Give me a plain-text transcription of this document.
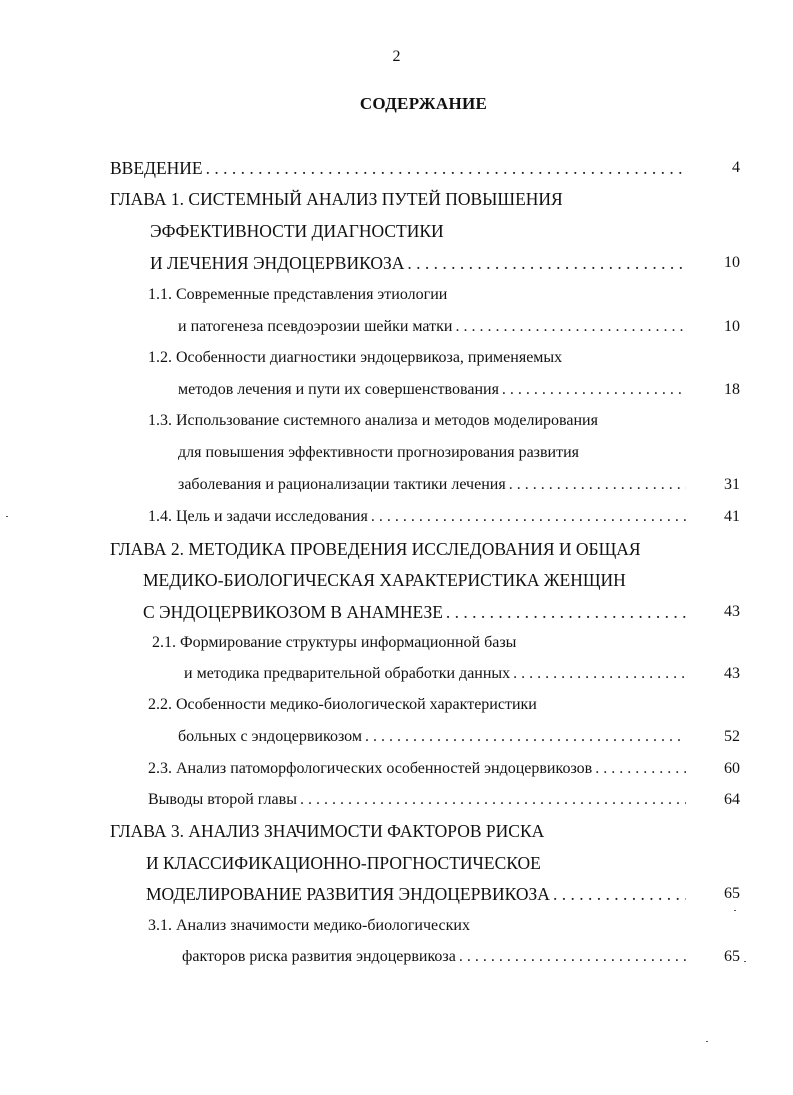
2
СОДЕРЖАНИЕ
ВВЕДЕНИЕ . . .	4
ГЛАВА 1. СИСТЕМНЫЙ АНАЛИЗ ПУТЕЙ ПОВЫШЕНИЯ
ЭФФЕКТИВНОСТИ ДИАГНОСТИКИ
И ЛЕЧЕНИЯ ЭНДОЦЕРВИКОЗА . . .	10
1.1. Современные представления этиологии
и патогенеза псевдоэрозии шейки матки . . .	10
1.2. Особенности диагностики эндоцервикоза, применяемых
методов лечения и пути их совершенствования . . .	18
1.3. Использование системного анализа и методов моделирования
для повышения эффективности прогнозирования развития
заболевания и рационализации тактики лечения . . .	31
1.4. Цель и задачи исследования . . .	41
ГЛАВА 2. МЕТОДИКА ПРОВЕДЕНИЯ ИССЛЕДОВАНИЯ И ОБЩАЯ
МЕДИКО-БИОЛОГИЧЕСКАЯ ХАРАКТЕРИСТИКА ЖЕНЩИН
С ЭНДОЦЕРВИКОЗОМ В АНАМНЕЗЕ . . .	43
2.1. Формирование структуры информационной базы
и методика предварительной обработки данных . . .	43
2.2. Особенности медико-биологической характеристики
больных с эндоцервикозом . . .	52
2.3. Анализ патоморфологических особенностей эндоцервикозов . . .	60
Выводы второй главы . . .	64
ГЛАВА 3. АНАЛИЗ ЗНАЧИМОСТИ ФАКТОРОВ РИСКА
И КЛАССИФИКАЦИОННО-ПРОГНОСТИЧЕСКОЕ
МОДЕЛИРОВАНИЕ РАЗВИТИЯ ЭНДОЦЕРВИКОЗА . . .	65
3.1. Анализ значимости медико-биологических
факторов риска развития эндоцервикоза . . .	65
